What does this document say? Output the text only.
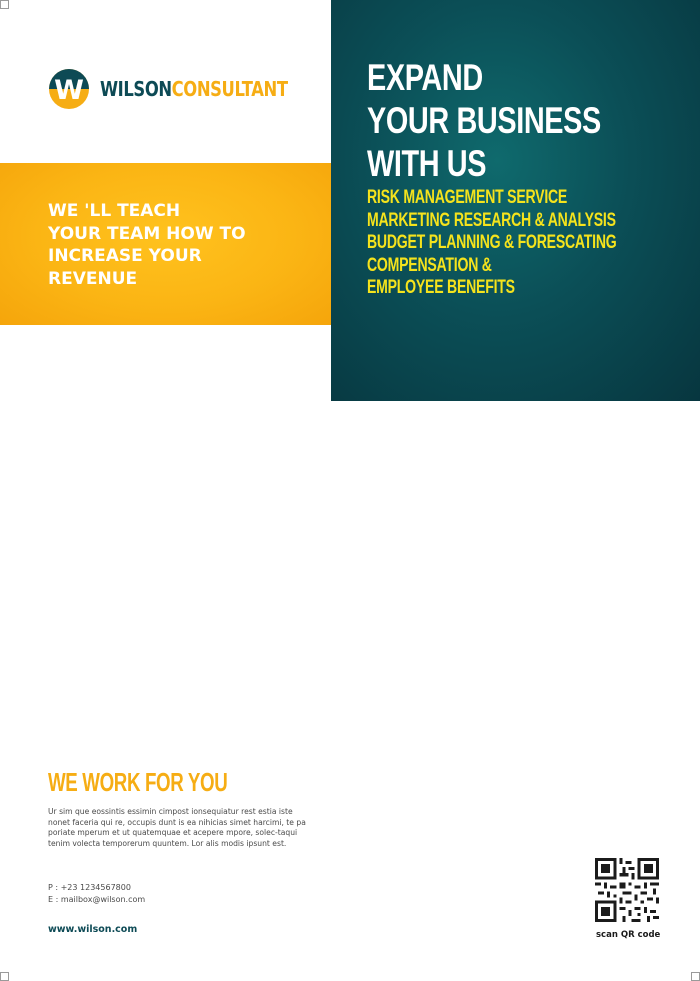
W WILSONCONSULTANT
WE 'LL TEACH
YOUR TEAM HOW TO
INCREASE YOUR
REVENUE
EXPAND
YOUR BUSINESS
WITH US
RISK MANAGEMENT SERVICE
MARKETING RESEARCH & ANALYSIS
BUDGET PLANNING & FORESCATING
COMPENSATION &
EMPLOYEE BENEFITS
WE WORK FOR YOU
Ur sim que eossintis essimin cimpost ionsequiatur rest estia iste nonet faceria qui re, occupis dunt is ea nihicias simet harcimi, te pa poriate mperum et ut quatemquae et acepere mpore, solec-taqui tenim volecta temporerum quuntem. Lor alis modis ipsunt est.
P : +23 1234567800
E : mailbox@wilson.com
www.wilson.com	scan QR code
